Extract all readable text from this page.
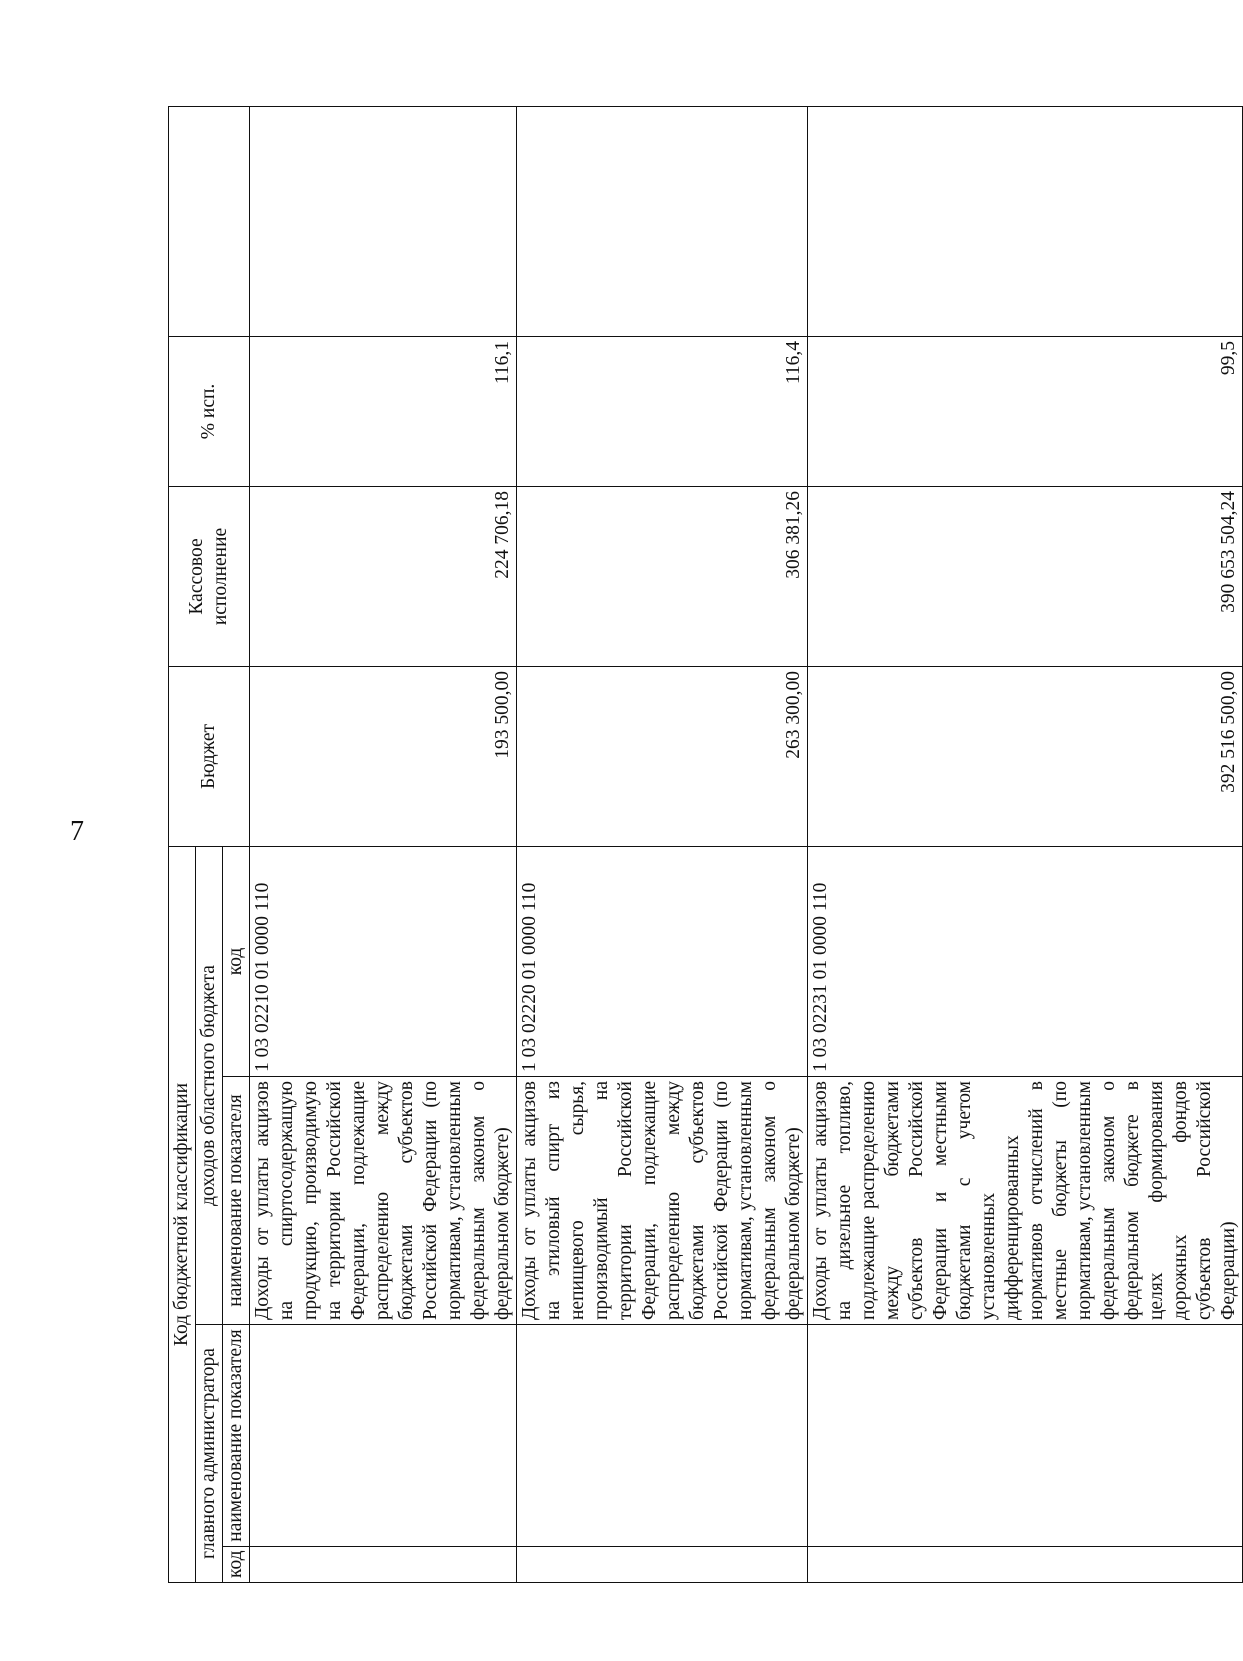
7
Код бюджетной классификации				Бюджет	Кассовое исполнение	% исп.	
главного администратора		доходов областного бюджета					
код	наименование показателя	наименование показателя	код				
		Доходы от уплаты акцизов на спиртосодержащую продукцию, производимую на территории Российской Федерации, подлежащие распределению между бюджетами субъектов Российской Федерации (по нормативам, установленным федеральным законом о федеральном бюджете)	1 03 02210 01 0000 110	193 500,00	224 706,18	116,1	
		Доходы от уплаты акцизов на этиловый спирт из непищевого сырья, производимый на территории Российской Федерации, подлежащие распределению между бюджетами субъектов Российской Федерации (по нормативам, установленным федеральным законом о федеральном бюджете)	1 03 02220 01 0000 110	263 300,00	306 381,26	116,4	
		Доходы от уплаты акцизов на дизельное топливо, подлежащие распределению между бюджетами субъектов Российской Федерации и местными бюджетами с учетом установленных дифференцированных нормативов отчислений в местные бюджеты (по нормативам, установленным федеральным законом о федеральном бюджете в целях формирования дорожных фондов субъектов Российской Федерации)	1 03 02231 01 0000 110	392 516 500,00	390 653 504,24	99,5	
